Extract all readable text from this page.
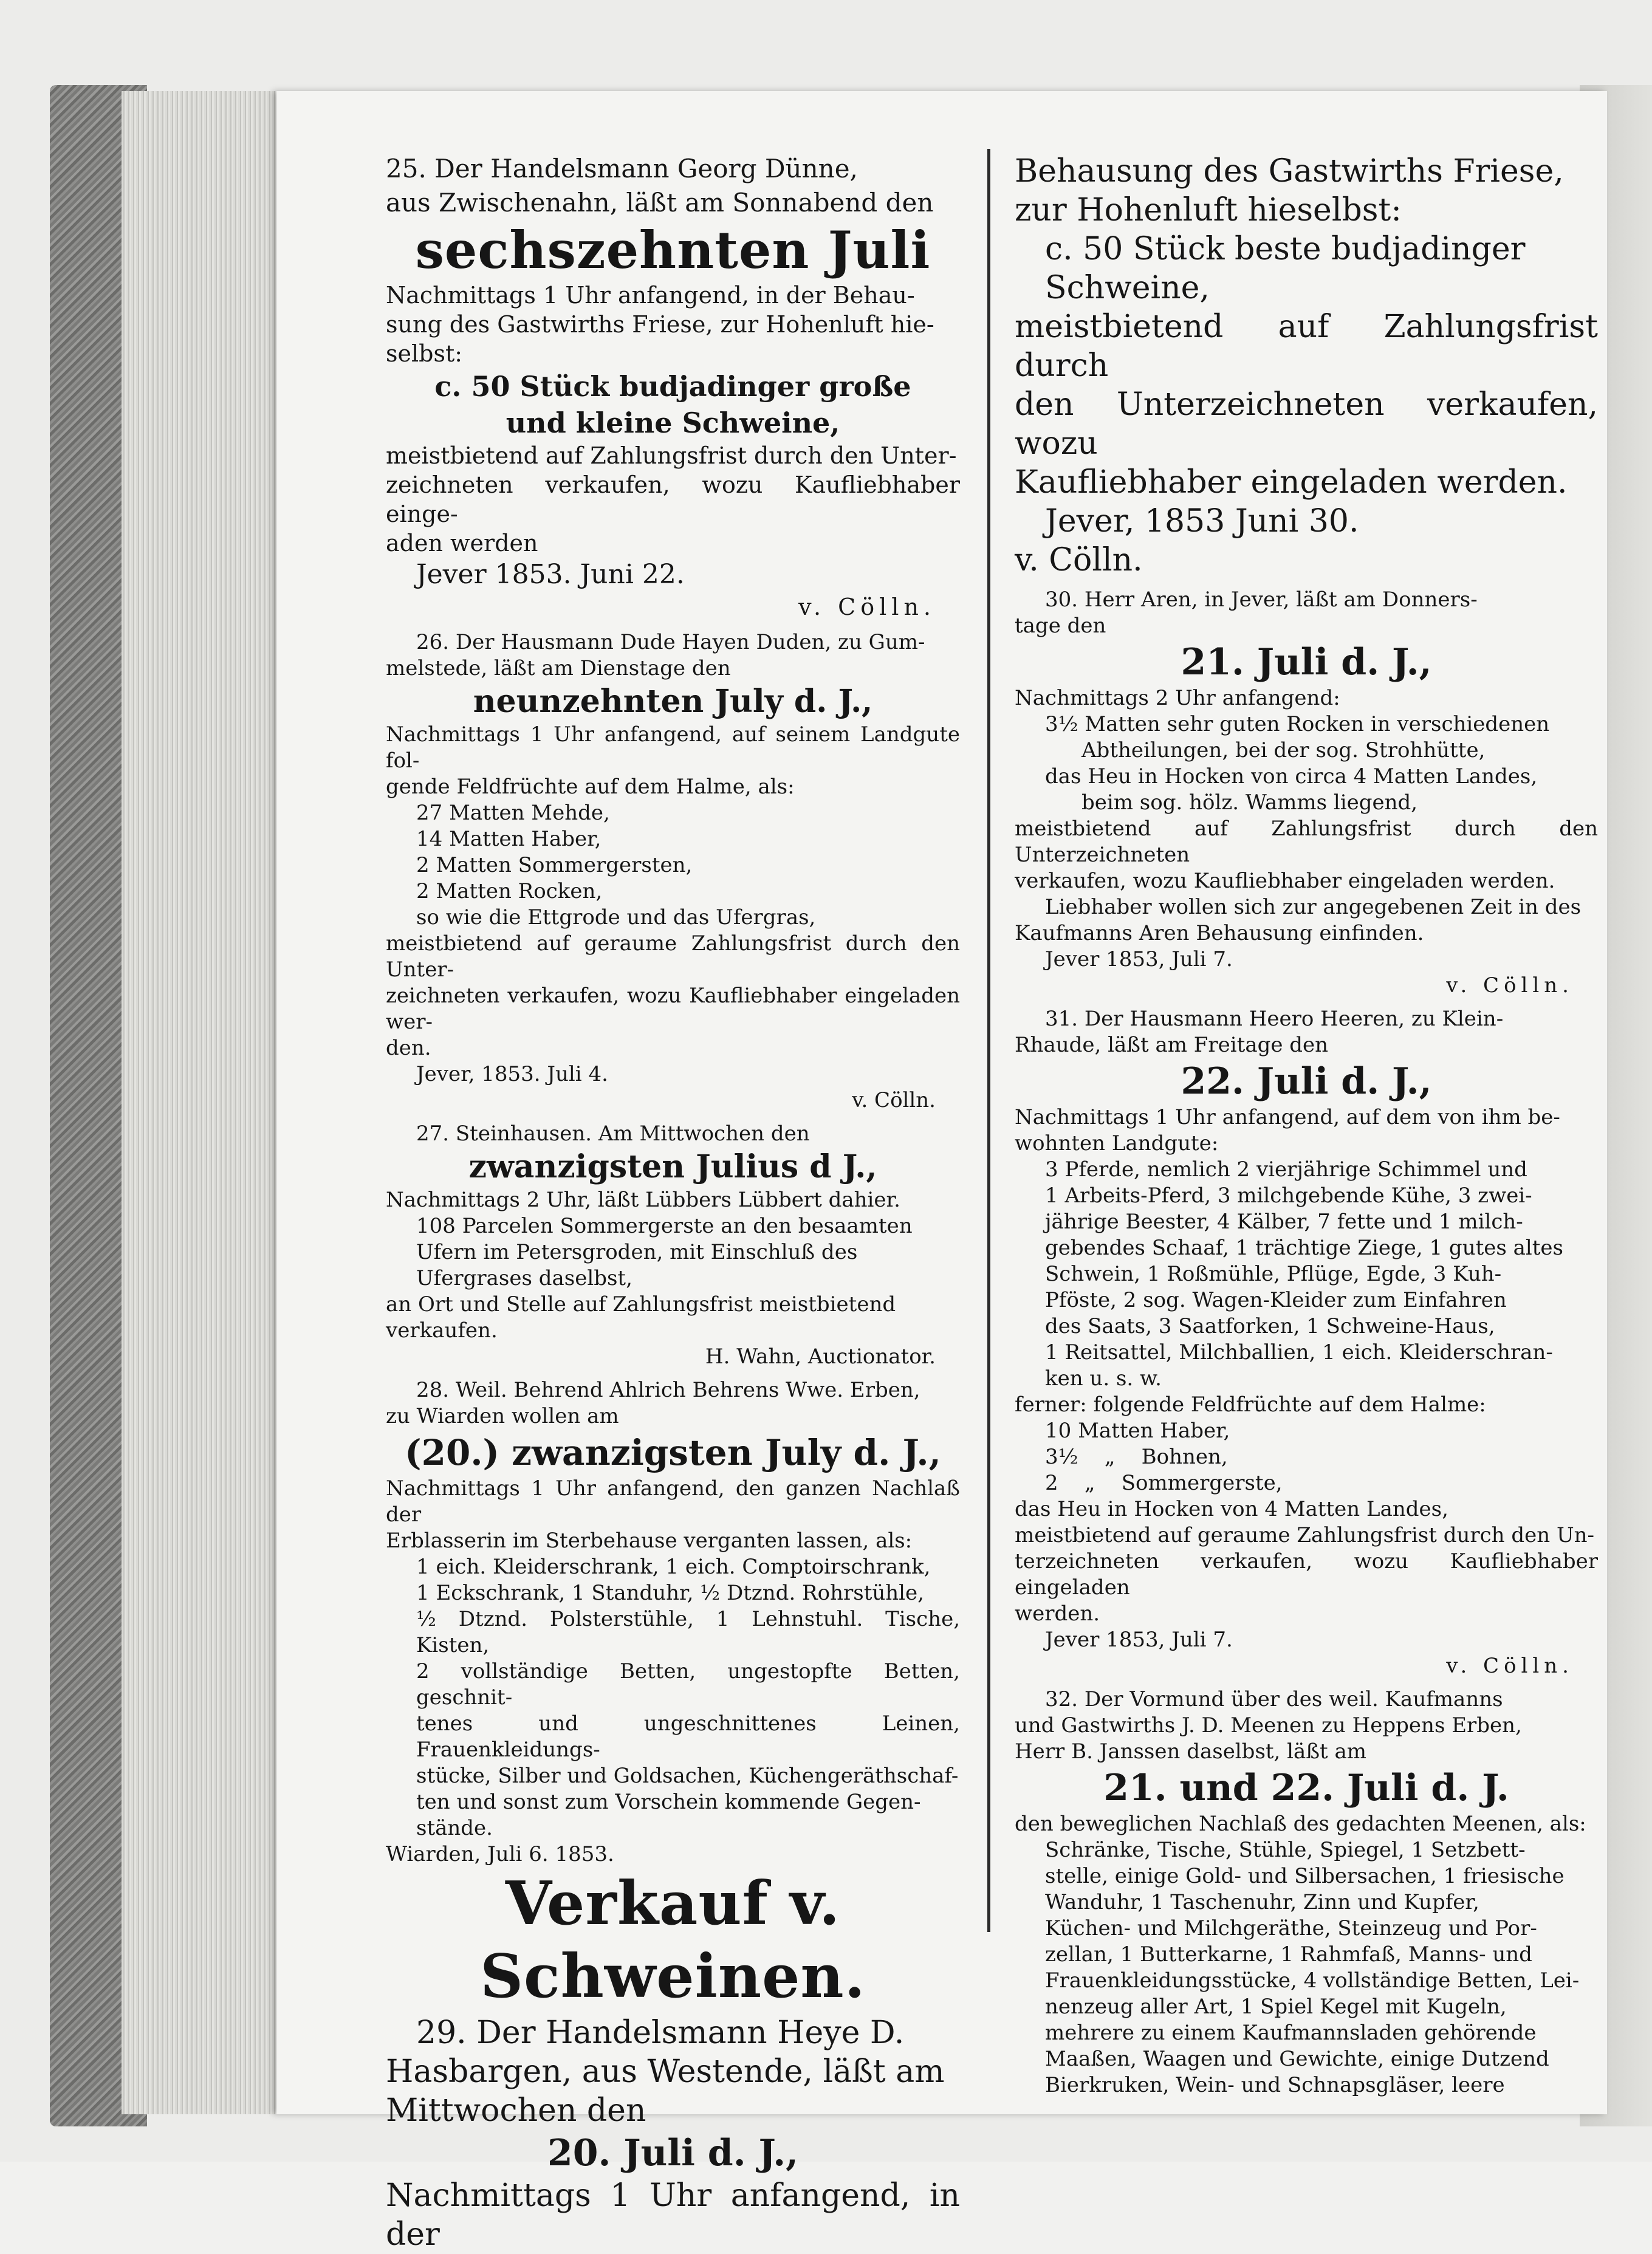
25. Der Handelsmann Georg Dünne,

aus Zwischenahn, läßt am Sonnabend den

sechszehnten Juli

Nachmittags 1 Uhr anfangend, in der Behau-

sung des Gastwirths Friese, zur Hohenluft hie-

selbst:

c. 50 Stück budjadinger große

und kleine Schweine,

meistbietend auf Zahlungsfrist durch den Unter-

zeichneten verkaufen, wozu Kaufliebhaber einge-

aden werden

Jever 1853. Juni 22.

v. Cölln.

26. Der Hausmann Dude Hayen Duden, zu Gum-

melstede, läßt am Dienstage den

neunzehnten July d. J.,

Nachmittags 1 Uhr anfangend, auf seinem Landgute fol-

gende Feldfrüchte auf dem Halme, als:

27 Matten Mehde,

14 Matten Haber,

2 Matten Sommergersten,

2 Matten Rocken,

so wie die Ettgrode und das Ufergras,

meistbietend auf geraume Zahlungsfrist durch den Unter-

zeichneten verkaufen, wozu Kaufliebhaber eingeladen wer-

den.

Jever, 1853. Juli 4.

v. Cölln.

27. Steinhausen. Am Mittwochen den

zwanzigsten Julius d J.,

Nachmittags 2 Uhr, läßt Lübbers Lübbert dahier.

108 Parcelen Sommergerste an den besaamten

Ufern im Petersgroden, mit Einschluß des

Ufergrases daselbst,

an Ort und Stelle auf Zahlungsfrist meistbietend

verkaufen.

H. Wahn, Auctionator.

28. Weil. Behrend Ahlrich Behrens Wwe. Erben,

zu Wiarden wollen am

(20.) zwanzigsten July d. J.,

Nachmittags 1 Uhr anfangend, den ganzen Nachlaß der

Erblasserin im Sterbehause verganten lassen, als:

1 eich. Kleiderschrank, 1 eich. Comptoirschrank,

1 Eckschrank, 1 Standuhr, ½ Dtznd. Rohrstühle,

½ Dtznd. Polsterstühle, 1 Lehnstuhl. Tische, Kisten,

2 vollständige Betten, ungestopfte Betten, geschnit-

tenes und ungeschnittenes Leinen, Frauenkleidungs-

stücke, Silber und Goldsachen, Küchengeräthschaf-

ten und sonst zum Vorschein kommende Gegen-

stände.

Wiarden, Juli 6. 1853.

Verkauf v. Schweinen.

29. Der Handelsmann Heye D.

Hasbargen, aus Westende, läßt am

Mittwochen den

20. Juli d. J.,

Nachmittags 1 Uhr anfangend, in der

Behausung des Gastwirths Friese,

zur Hohenluft hieselbst:

c. 50 Stück beste budjadinger

Schweine,

meistbietend auf Zahlungsfrist durch

den Unterzeichneten verkaufen, wozu

Kaufliebhaber eingeladen werden.

Jever, 1853 Juni 30.

v. Cölln.

30. Herr Aren, in Jever, läßt am Donners-

tage den

21. Juli d. J.,

Nachmittags 2 Uhr anfangend:

3½ Matten sehr guten Rocken in verschiedenen

Abtheilungen, bei der sog. Strohhütte,

das Heu in Hocken von circa 4 Matten Landes,

beim sog. hölz. Wamms liegend,

meistbietend auf Zahlungsfrist durch den Unterzeichneten

verkaufen, wozu Kaufliebhaber eingeladen werden.

Liebhaber wollen sich zur angegebenen Zeit in des

Kaufmanns Aren Behausung einfinden.

Jever 1853, Juli 7.

v. Cölln.

31. Der Hausmann Heero Heeren, zu Klein-

Rhaude, läßt am Freitage den

22. Juli d. J.,

Nachmittags 1 Uhr anfangend, auf dem von ihm be-

wohnten Landgute:

3 Pferde, nemlich 2 vierjährige Schimmel und

1 Arbeits-Pferd, 3 milchgebende Kühe, 3 zwei-

jährige Beester, 4 Kälber, 7 fette und 1 milch-

gebendes Schaaf, 1 trächtige Ziege, 1 gutes altes

Schwein, 1 Roßmühle, Pflüge, Egde, 3 Kuh-

Pföste, 2 sog. Wagen-Kleider zum Einfahren

des Saats, 3 Saatforken, 1 Schweine-Haus,

1 Reitsattel, Milchballien, 1 eich. Kleiderschran-

ken u. s. w.

ferner: folgende Feldfrüchte auf dem Halme:

10 Matten Haber,

3½    „    Bohnen,

2    „    Sommergerste,

das Heu in Hocken von 4 Matten Landes,

meistbietend auf geraume Zahlungsfrist durch den Un-

terzeichneten verkaufen, wozu Kaufliebhaber eingeladen

werden.

Jever 1853, Juli 7.

v. Cölln.

32. Der Vormund über des weil. Kaufmanns

und Gastwirths J. D. Meenen zu Heppens Erben,

Herr B. Janssen daselbst, läßt am

21. und 22. Juli d. J.

den beweglichen Nachlaß des gedachten Meenen, als:

Schränke, Tische, Stühle, Spiegel, 1 Setzbett-

stelle, einige Gold- und Silbersachen, 1 friesische

Wanduhr, 1 Taschenuhr, Zinn und Kupfer,

Küchen- und Milchgeräthe, Steinzeug und Por-

zellan, 1 Butterkarne, 1 Rahmfaß, Manns- und

Frauenkleidungsstücke, 4 vollständige Betten, Lei-

nenzeug aller Art, 1 Spiel Kegel mit Kugeln,

mehrere zu einem Kaufmannsladen gehörende

Maaßen, Waagen und Gewichte, einige Dutzend

Bierkruken, Wein- und Schnapsgläser, leere
